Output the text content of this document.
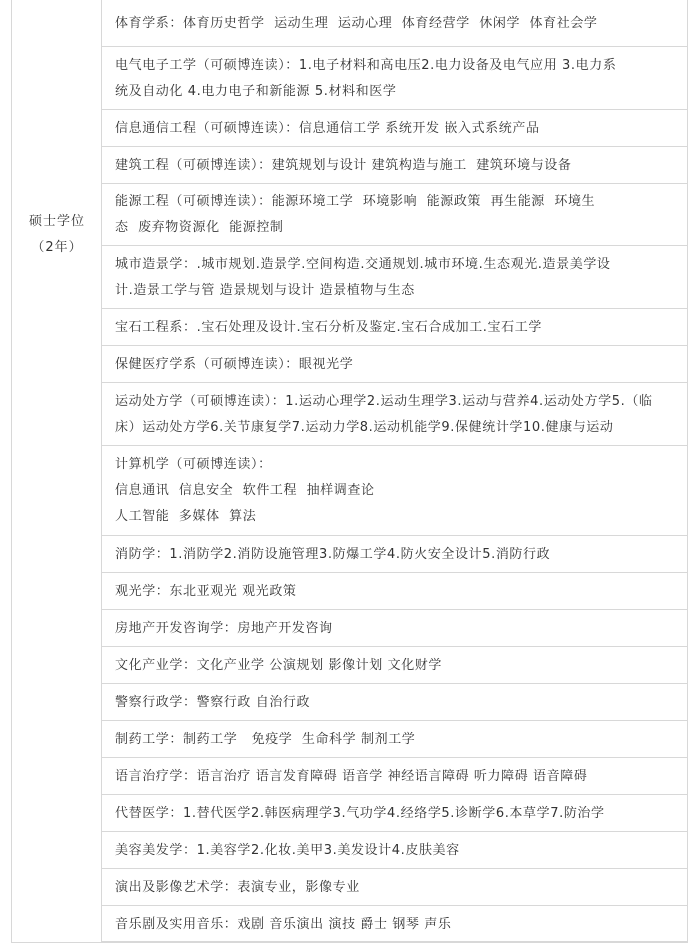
硕士学位
（2年）
体育学系：体育历史哲学  运动生理  运动心理  体育经营学  休闲学  体育社会学
电气电子工学（可硕博连读）：1.电子材料和高电压2.电力设备及电气应用 3.电力系
统及自动化 4.电力电子和新能源 5.材料和医学
信息通信工程（可硕博连读）：信息通信工学 系统开发 嵌入式系统产品
建筑工程（可硕博连读）：建筑规划与设计 建筑构造与施工  建筑环境与设备
能源工程（可硕博连读）：能源环境工学  环境影响  能源政策  再生能源  环境生
态  废弃物资源化  能源控制
城市造景学：.城市规划.造景学.空间构造.交通规划.城市环境.生态观光.造景美学设
计.造景工学与管 造景规划与设计 造景植物与生态
宝石工程系：.宝石处理及设计.宝石分析及鉴定.宝石合成加工.宝石工学
保健医疗学系（可硕博连读）：眼视光学
运动处方学（可硕博连读）：1.运动心理学2.运动生理学3.运动与营养4.运动处方学5.（临
床）运动处方学6.关节康复学7.运动力学8.运动机能学9.保健统计学10.健康与运动
计算机学（可硕博连读）：
信息通讯  信息安全  软件工程  抽样调查论
人工智能  多媒体  算法
消防学：1.消防学2.消防设施管理3.防爆工学4.防火安全设计5.消防行政
观光学：东北亚观光 观光政策
房地产开发咨询学：房地产开发咨询
文化产业学：文化产业学 公演规划 影像计划 文化财学
警察行政学：警察行政 自治行政
制药工学：制药工学   免疫学  生命科学 制剂工学
语言治疗学：语言治疗 语言发育障碍 语音学 神经语言障碍 听力障碍 语音障碍
代替医学：1.替代医学2.韩医病理学3.气功学4.经络学5.诊断学6.本草学7.防治学
美容美发学：1.美容学2.化妆.美甲3.美发设计4.皮肤美容
演出及影像艺术学：表演专业，影像专业
音乐剧及实用音乐：戏剧 音乐演出 演技 爵士 钢琴 声乐
